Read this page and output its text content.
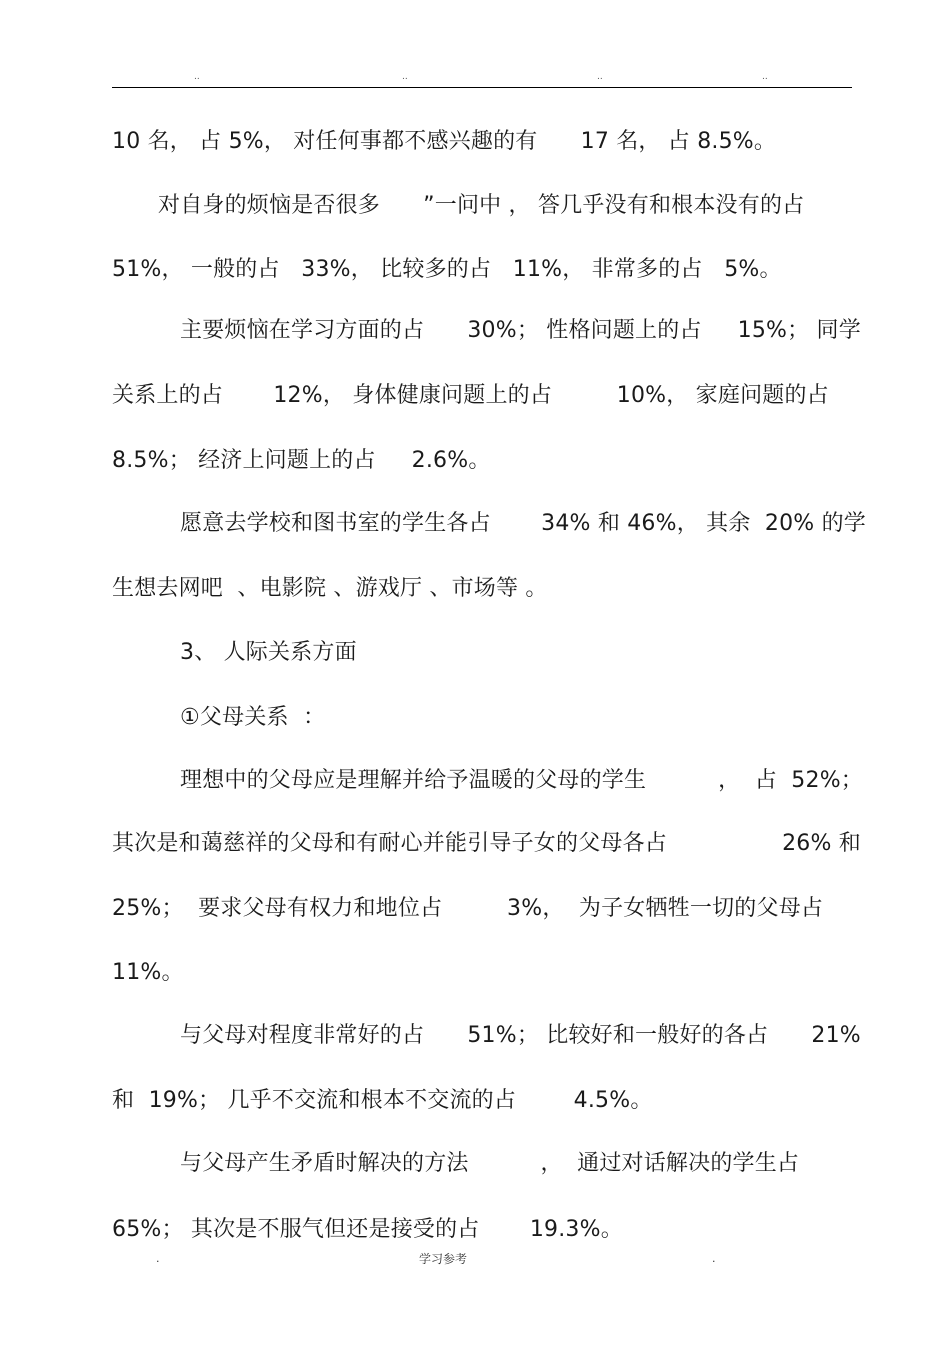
..	..	..	..
10 名， 占 5%， 对任何事都不感兴趣的有      17 名， 占 8.5%。
对自身的烦恼是否很多      ”一问中 ， 答几乎没有和根本没有的占
51%， 一般的占   33%， 比较多的占   11%， 非常多的占   5%。
主要烦恼在学习方面的占      30%； 性格问题上的占     15%； 同学
关系上的占       12%， 身体健康问题上的占         10%， 家庭问题的占
8.5%； 经济上问题上的占     2.6%。
愿意去学校和图书室的学生各占       34% 和 46%， 其余  20% 的学
生想去网吧  、电影院 、游戏厅 、市场等 。
3、 人际关系方面
①父母关系  ：
理想中的父母应是理解并给予温暖的父母的学生          ，  占  52%；
其次是和蔼慈祥的父母和有耐心并能引导子女的父母各占                26% 和
25%；  要求父母有权力和地位占         3%，  为子女牺牲一切的父母占
11%。
与父母对程度非常好的占      51%； 比较好和一般好的各占      21%
和  19%； 几乎不交流和根本不交流的占        4.5%。
与父母产生矛盾时解决的方法          ，  通过对话解决的学生占
65%； 其次是不服气但还是接受的占       19.3%。
.	学习参考	.
